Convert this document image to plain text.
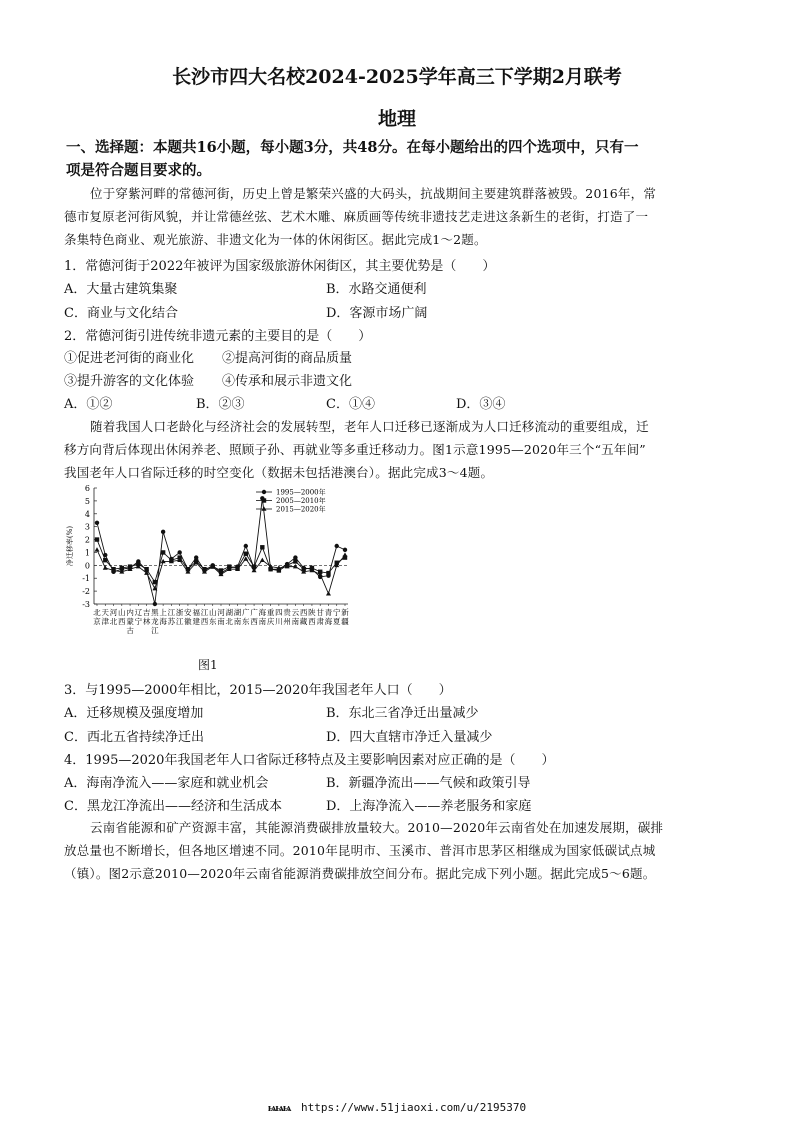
长沙市四大名校2024-2025学年高三下学期2月联考
地理
一、选择题：本题共16小题，每小题3分，共48分。在每小题给出的四个选项中，只有一
项是符合题目要求的。
位于穿紫河畔的常德河街，历史上曾是繁荣兴盛的大码头，抗战期间主要建筑群落被毁。2016年，常
德市复原老河街风貌，并让常德丝弦、艺术木雕、麻质画等传统非遗技艺走进这条新生的老街，打造了一
条集特色商业、观光旅游、非遗文化为一体的休闲街区。据此完成1～2题。
1．常德河街于2022年被评为国家级旅游休闲街区，其主要优势是（　　）
A．大量古建筑集聚	B．水路交通便利
C．商业与文化结合	D．客源市场广阔
2．常德河街引进传统非遗元素的主要目的是（　　）
①促进老河街的商业化 ②提高河街的商品质量
③提升游客的文化体验 ④传承和展示非遗文化
A．①②	B．②③	C．①④	D．③④
随着我国人口老龄化与经济社会的发展转型，老年人口迁移已逐渐成为人口迁移流动的重要组成，迁
移方向背后体现出休闲养老、照顾子孙、再就业等多重迁移动力。图1示意1995—2020年三个“五年间”
我国老年人口省际迁移的时空变化（数据未包括港澳台）。据此完成3～4题。
-3
-2
-1
0
1
2
3
4
5
6
净迁移率(%)
北京
天津
河北
山西
内蒙古
辽宁
吉林
黑龙江
上海
江苏
浙江
安徽
福建
江西
山东
河南
湖北
湖南
广东
广西
海南
重庆
四川
贵州
云南
西藏
陕西
甘肃
青海
宁夏
新疆
1995—2000年
2005—2010年
2015—2020年
图1
3．与1995—2000年相比，2015—2020年我国老年人口（　　）
A．迁移规模及强度增加	B．东北三省净迁出量减少
C．西北五省持续净迁出	D．四大直辖市净迁入量减少
4．1995—2020年我国老年人口省际迁移特点及主要影响因素对应正确的是（　　）
A．海南净流入——家庭和就业机会	B．新疆净流出——气候和政策引导
C．黑龙江净流出——经济和生活成本	D．上海净流入——养老服务和家庭
云南省能源和矿产资源丰富，其能源消费碳排放量较大。2010—2020年云南省处在加速发展期，碳排
放总量也不断增长，但各地区增速不同。2010年昆明市、玉溪市、普洱市思茅区相继成为国家低碳试点城
（镇）。图2示意2010—2020年云南省能源消费碳排放空间分布。据此完成下列小题。据此完成5～6题。
ѩѩѩ https://www.51jiaoxi.com/u/2195370
